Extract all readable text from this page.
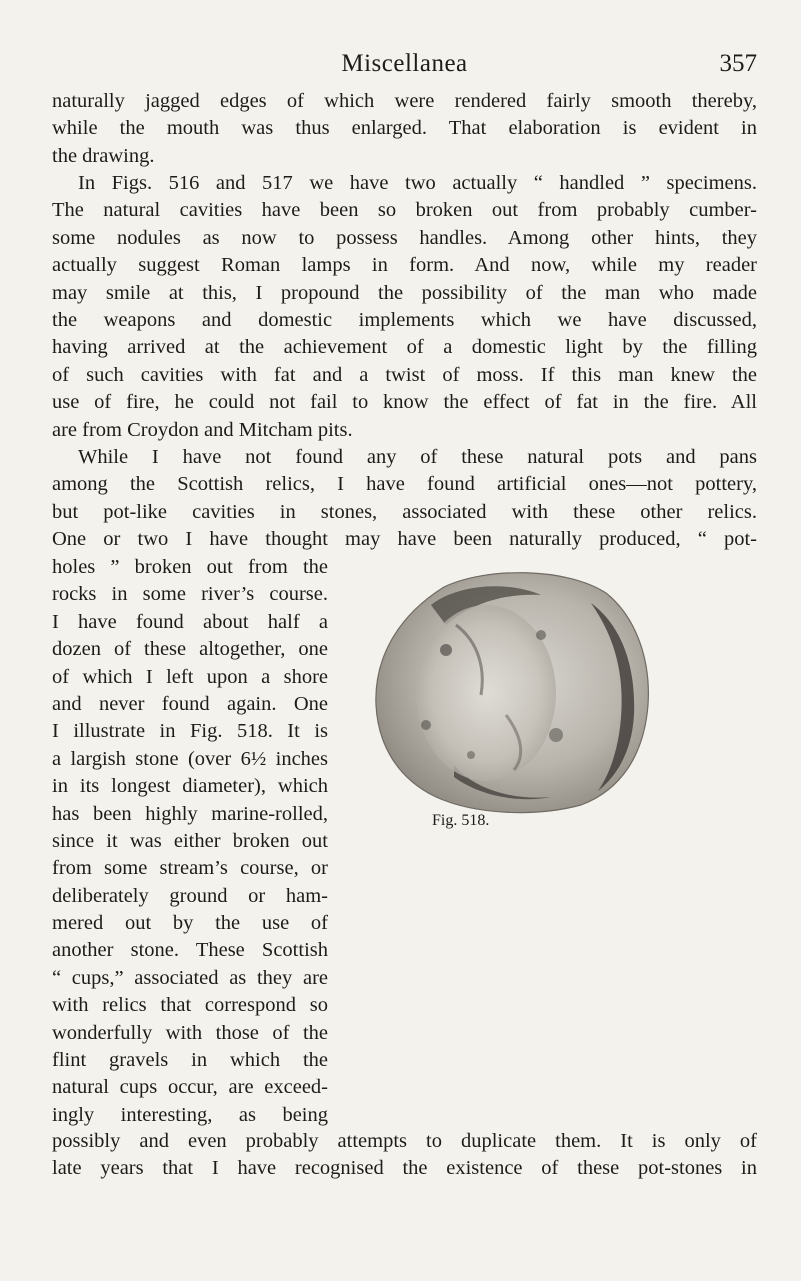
Miscellanea	357
naturally jagged edges of which were rendered fairly smooth thereby,
while the mouth was thus enlarged. That elaboration is evident in
the drawing.
In Figs. 516 and 517 we have two actually “ handled ” specimens.
The natural cavities have been so broken out from probably cumber-
some nodules as now to possess handles. Among other hints, they
actually suggest Roman lamps in form. And now, while my reader
may smile at this, I propound the possibility of the man who made
the weapons and domestic implements which we have discussed,
having arrived at the achievement of a domestic light by the filling
of such cavities with fat and a twist of moss. If this man knew the
use of fire, he could not fail to know the effect of fat in the fire. All
are from Croydon and Mitcham pits.
While I have not found any of these natural pots and pans
among the Scottish relics, I have found artificial ones—not pottery,
but pot-like cavities in stones, associated with these other relics.
One or two I have thought may have been naturally produced, “ pot-
holes ” broken out from the
rocks in some river’s course.
I have found about half a
dozen of these altogether, one
of which I left upon a shore
and never found again. One
I illustrate in Fig. 518. It is
a largish stone (over 6½ inches
in its longest diameter), which
has been highly marine-rolled,
since it was either broken out
from some stream’s course, or
deliberately ground or ham-
mered out by the use of
another stone. These Scottish
“ cups,” associated as they are
with relics that correspond so
wonderfully with those of the
flint gravels in which the
natural cups occur, are exceed-
ingly interesting, as being
possibly and even probably attempts to duplicate them. It is only of
late years that I have recognised the existence of these pot-stones in
Fig. 518.
